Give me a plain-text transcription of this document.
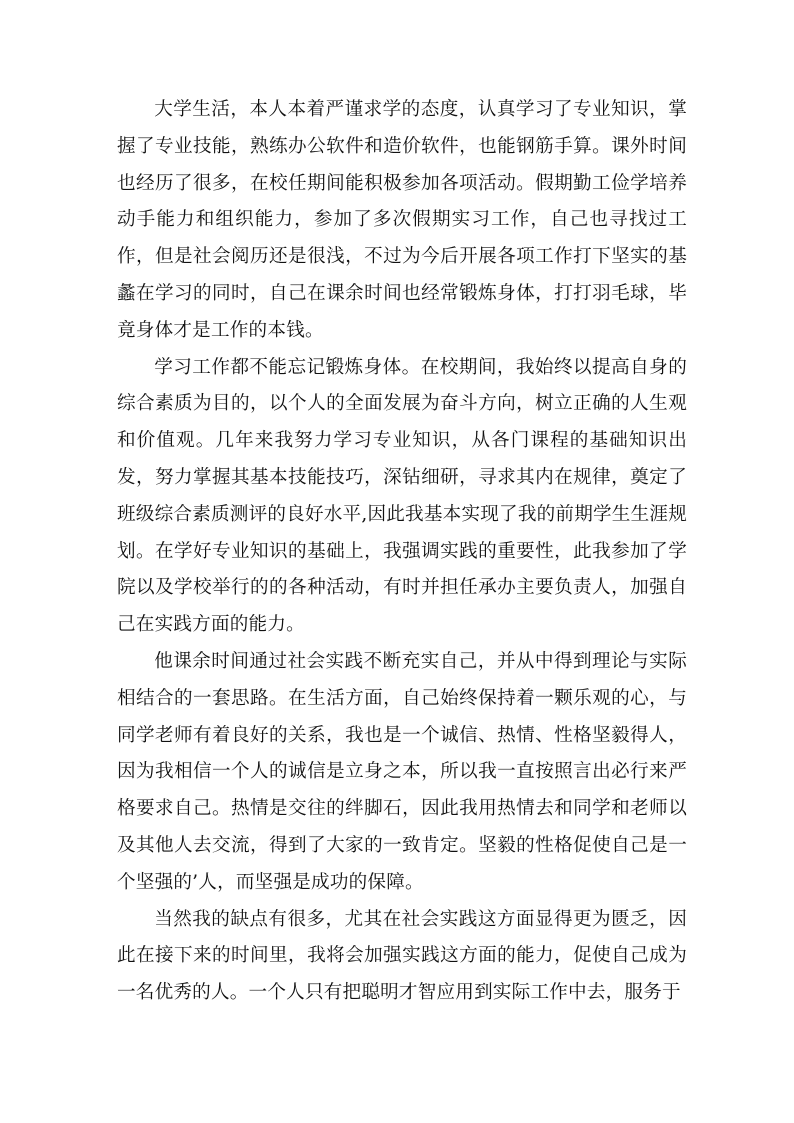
大学生活，本人本着严谨求学的态度，认真学习了专业知识，掌握了专业技能，熟练办公软件和造价软件，也能钢筋手算。课外时间也经历了很多，在校任期间能积极参加各项活动。假期勤工俭学培养动手能力和组织能力，参加了多次假期实习工作，自己也寻找过工作，但是社会阅历还是很浅，不过为今后开展各项工作打下坚实的基蠡在学习的同时，自己在课余时间也经常锻炼身体，打打羽毛球，毕竟身体才是工作的本钱。

学习工作都不能忘记锻炼身体。在校期间，我始终以提高自身的综合素质为目的，以个人的全面发展为奋斗方向，树立正确的人生观和价值观。几年来我努力学习专业知识，从各门课程的基础知识出发，努力掌握其基本技能技巧，深钻细研，寻求其内在规律，奠定了班级综合素质测评的良好水平,因此我基本实现了我的前期学生生涯规划。在学好专业知识的基础上，我强调实践的重要性，此我参加了学院以及学校举行的的各种活动，有时并担任承办主要负责人，加强自己在实践方面的能力。

他课余时间通过社会实践不断充实自己，并从中得到理论与实际相结合的一套思路。在生活方面，自己始终保持着一颗乐观的心，与同学老师有着良好的关系，我也是一个诚信、热情、性格坚毅得人，因为我相信一个人的诚信是立身之本，所以我一直按照言出必行来严格要求自己。热情是交往的绊脚石，因此我用热情去和同学和老师以及其他人去交流，得到了大家的一致肯定。坚毅的性格促使自己是一个坚强的’人，而坚强是成功的保障。

当然我的缺点有很多，尤其在社会实践这方面显得更为匮乏，因此在接下来的时间里，我将会加强实践这方面的能力，促使自己成为一名优秀的人。一个人只有把聪明才智应用到实际工作中去，服务于
